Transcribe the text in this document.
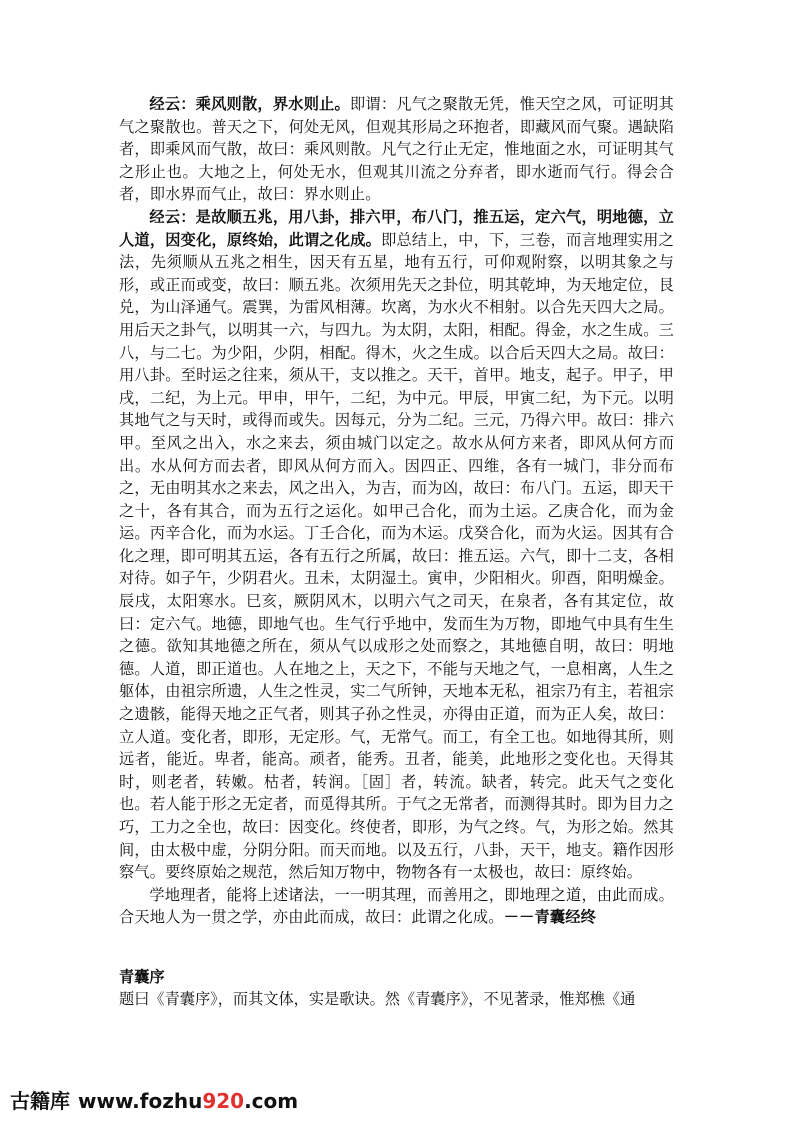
经云：乘风则散，界水则止。即谓：凡气之聚散无凭，惟天空之风，可证明其气之聚散也。普天之下，何处无风，但观其形局之环抱者，即藏风而气聚。遇缺陷者，即乘风而气散，故曰：乘风则散。凡气之行止无定，惟地面之水，可证明其气之形止也。大地之上，何处无水，但观其川流之分弃者，即水逝而气行。得会合者，即水界而气止，故曰：界水则止。

经云：是故顺五兆，用八卦，排六甲，布八门，推五运，定六气，明地德，立人道，因变化，原终始，此谓之化成。即总结上，中，下，三卷，而言地理实用之法，先须顺从五兆之相生，因天有五星，地有五行，可仰观附察，以明其象之与形，或正而或变，故曰：顺五兆。次须用先天之卦位，明其乾坤，为天地定位，艮兑，为山泽通气。震巽，为雷风相薄。坎离，为水火不相射。以合先天四大之局。用后天之卦气，以明其一六，与四九。为太阴，太阳，相配。得金，水之生成。三八，与二七。为少阳，少阴，相配。得木，火之生成。以合后天四大之局。故曰：用八卦。至时运之往来，须从干，支以推之。天干，首甲。地支，起子。甲子，甲戌，二纪，为上元。甲申，甲午，二纪，为中元。甲辰，甲寅二纪，为下元。以明其地气之与天时，或得而或失。因每元，分为二纪。三元，乃得六甲。故曰：排六甲。至风之出入，水之来去，须由城门以定之。故水从何方来者，即风从何方而出。水从何方而去者，即风从何方而入。因四正、四维，各有一城门，非分而布之，无由明其水之来去，风之出入，为吉，而为凶，故曰：布八门。五运，即天干之十，各有其合，而为五行之运化。如甲己合化，而为土运。乙庚合化，而为金运。丙辛合化，而为水运。丁壬合化，而为木运。戊癸合化，而为火运。因其有合化之理，即可明其五运，各有五行之所属，故曰：推五运。六气，即十二支，各相对待。如子午，少阴君火。丑未，太阴湿土。寅申，少阳相火。卯酉，阳明燥金。辰戌，太阳寒水。巳亥，厥阴风木，以明六气之司天，在泉者，各有其定位，故曰：定六气。地德，即地气也。生气行乎地中，发而生为万物，即地气中具有生生之德。欲知其地德之所在，须从气以成形之处而察之，其地德自明，故曰：明地德。人道，即正道也。人在地之上，天之下，不能与天地之气，一息相离，人生之躯体，由祖宗所遗，人生之性灵，实二气所钟，天地本无私，祖宗乃有主，若祖宗之遗骸，能得天地之正气者，则其子孙之性灵，亦得由正道，而为正人矣，故曰：立人道。变化者，即形，无定形。气，无常气。而工，有全工也。如地得其所，则远者，能近。卑者，能高。顽者，能秀。丑者，能美，此地形之变化也。天得其时，则老者，转嫩。枯者，转润。［固］者，转流。缺者，转完。此天气之变化也。若人能于形之无定者，而觅得其所。于气之无常者，而测得其时。即为目力之巧，工力之全也，故曰：因变化。终使者，即形，为气之终。气，为形之始。然其间，由太极中虚，分阴分阳。而天而地。以及五行，八卦，天干，地支。籍作因形察气。要终原始之规范，然后知万物中，物物各有一太极也，故曰：原终始。

学地理者，能将上述诸法，一一明其理，而善用之，即地理之道，由此而成。合天地人为一贯之学，亦由此而成，故曰：此谓之化成。－－青囊经终

青囊序
题曰《青囊序》，而其文体，实是歌诀。然《青囊序》，不见著录，惟郑樵《通
古籍库 www.fozhu920.com
